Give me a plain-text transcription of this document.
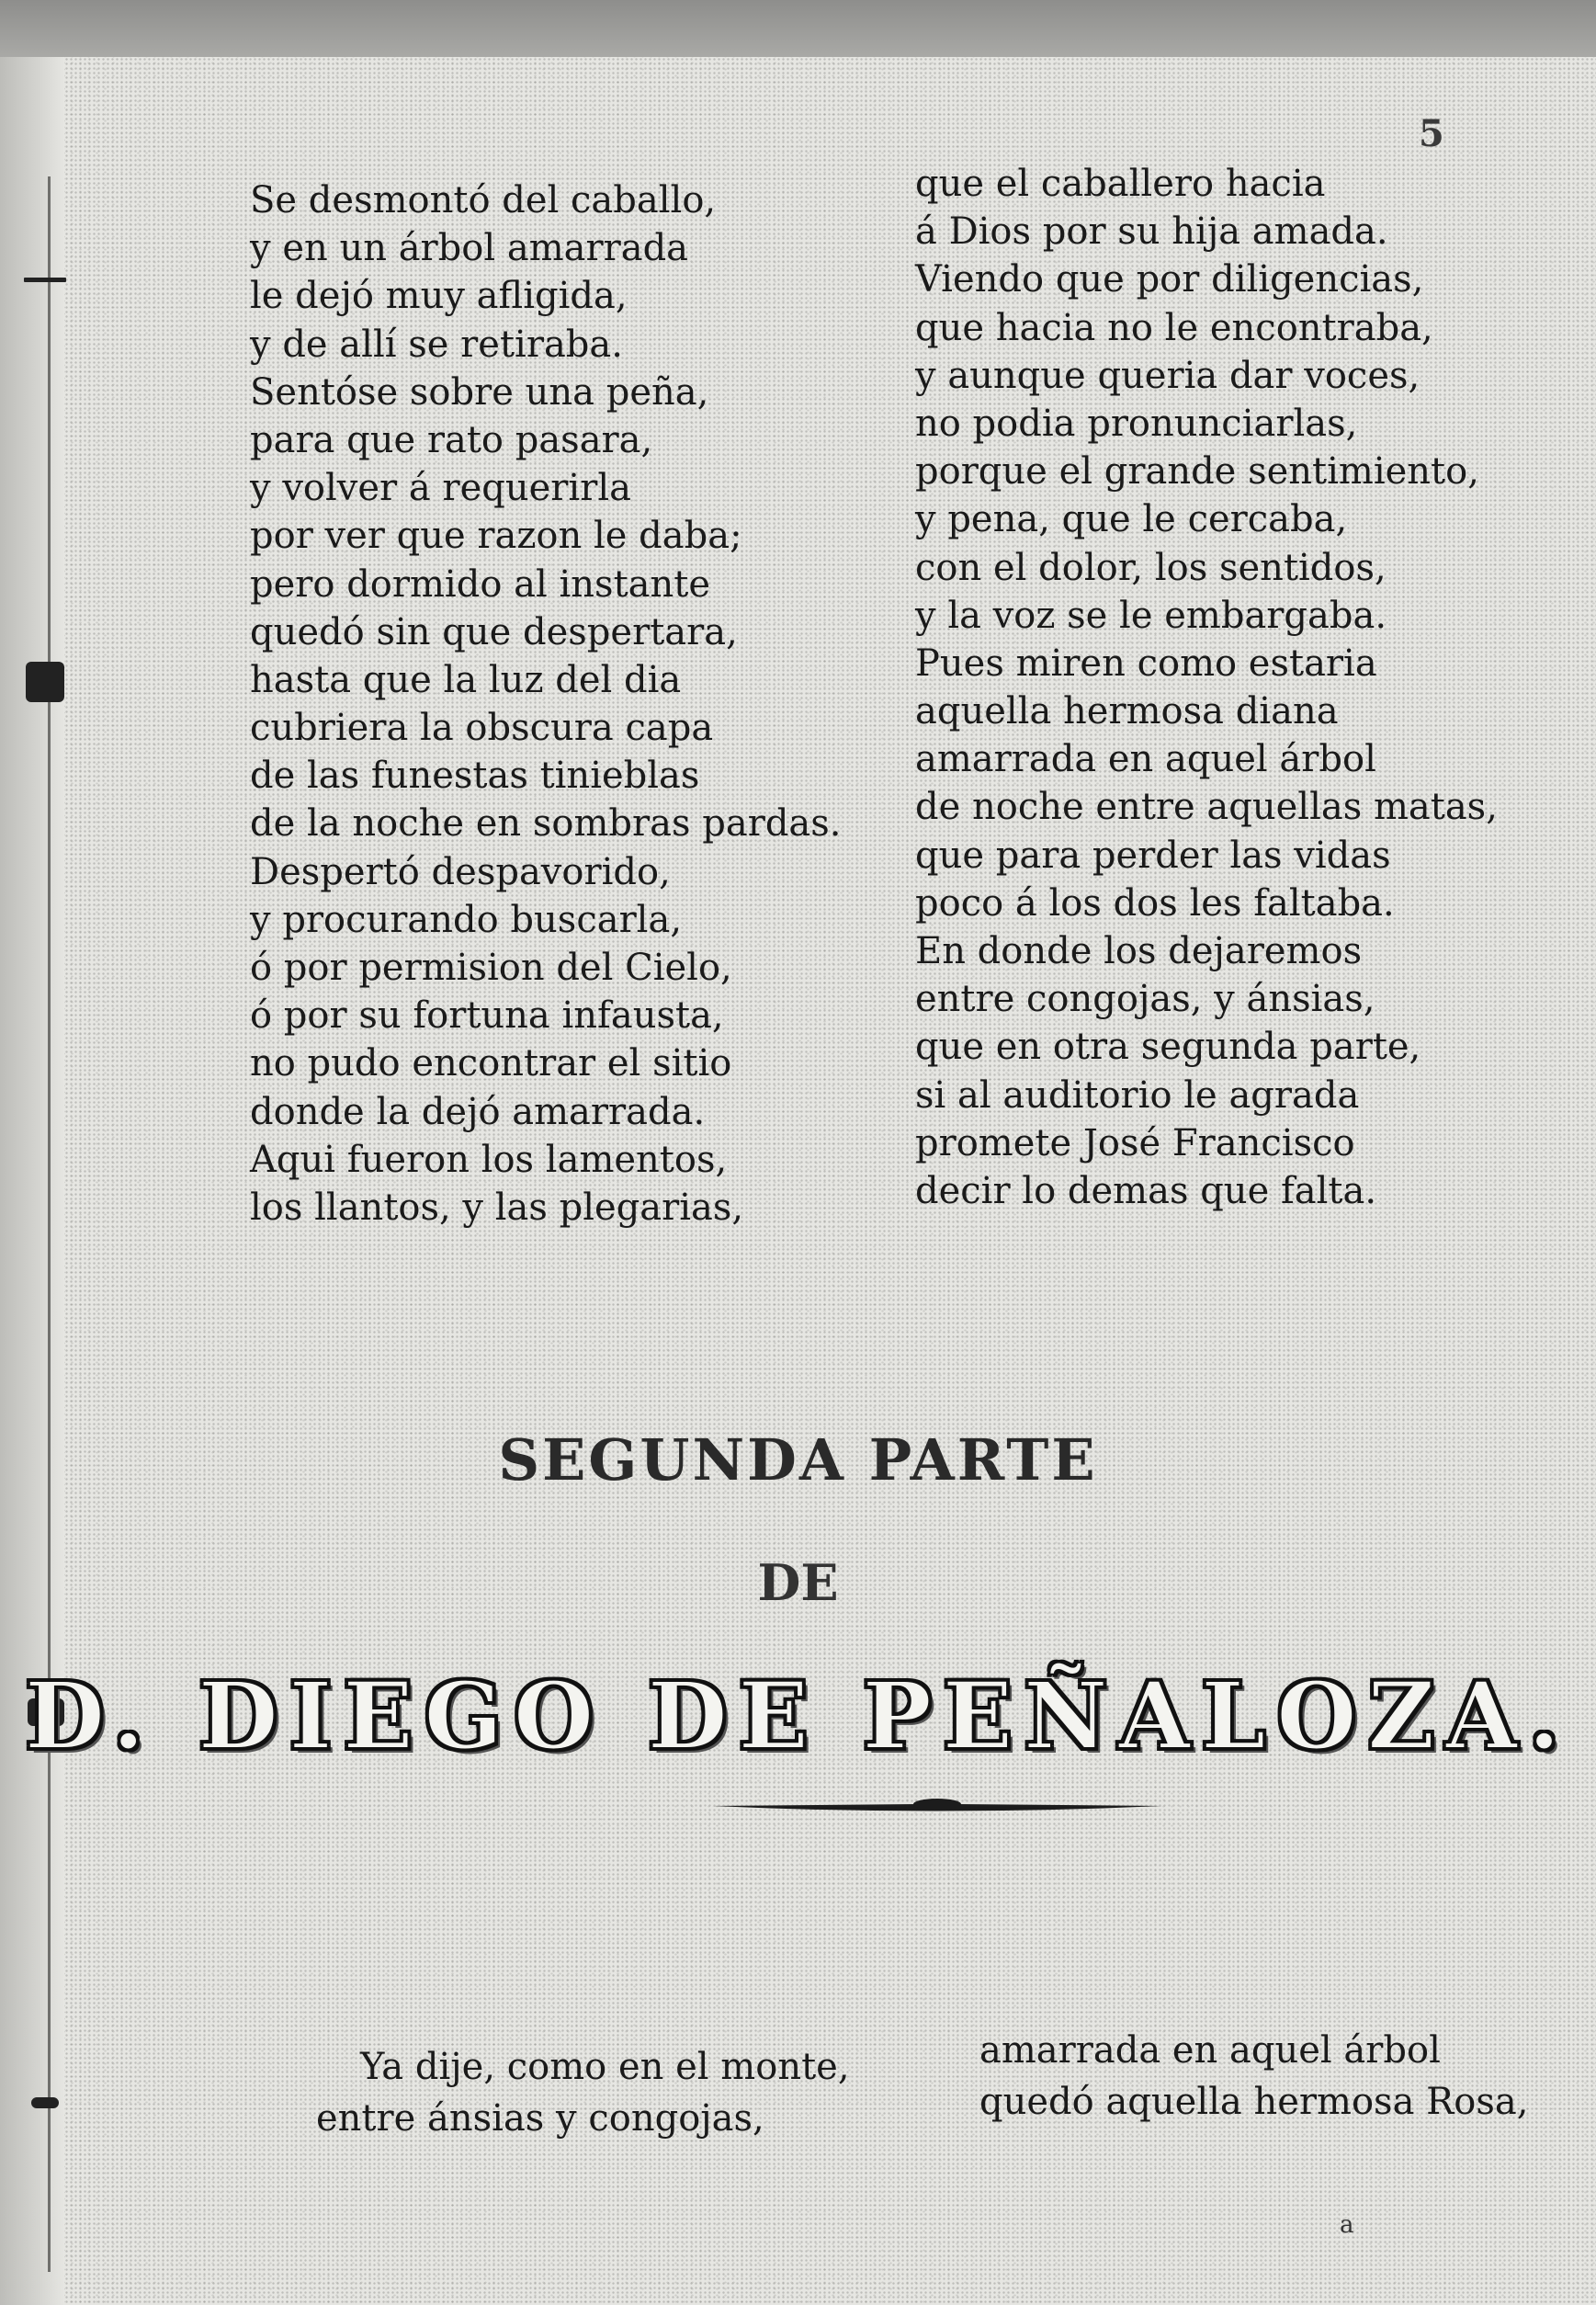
5
Se desmontó del caballo,
y en un árbol amarrada
le dejó muy afligida,
y de allí se retiraba.
Sentóse sobre una peña,
para que rato pasara,
y volver á requerirla
por ver que razon le daba;
pero dormido al instante
quedó sin que despertara,
hasta que la luz del dia
cubriera la obscura capa
de las funestas tinieblas
de la noche en sombras pardas.
Despertó despavorido,
y procurando buscarla,
ó por permision del Cielo,
ó por su fortuna infausta,
no pudo encontrar el sitio
donde la dejó amarrada.
Aqui fueron los lamentos,
los llantos, y las plegarias,
que el caballero hacia
á Dios por su hija amada.
Viendo que por diligencias,
que hacia no le encontraba,
y aunque queria dar voces,
no podia pronunciarlas,
porque el grande sentimiento,
y pena, que le cercaba,
con el dolor, los sentidos,
y la voz se le embargaba.
Pues miren como estaria
aquella hermosa diana
amarrada en aquel árbol
de noche entre aquellas matas,
que para perder las vidas
poco á los dos les faltaba.
En donde los dejaremos
entre congojas, y ánsias,
que en otra segunda parte,
si al auditorio le agrada
promete José Francisco
decir lo demas que falta.
SEGUNDA PARTE
DE
D. DIEGO DE PEÑALOZA.
Ya dije, como en el monte,
entre ánsias y congojas,
amarrada en aquel árbol
quedó aquella hermosa Rosa,
a
